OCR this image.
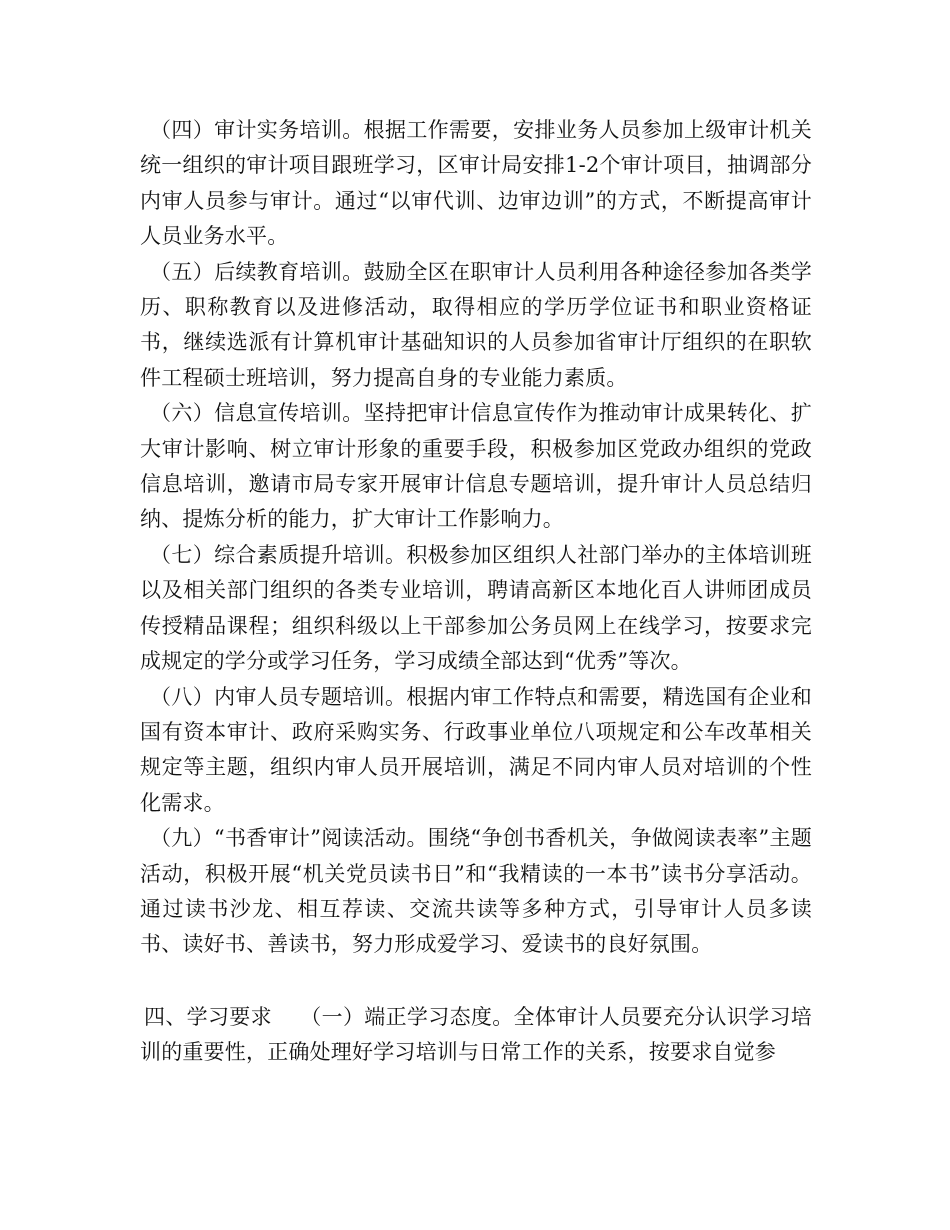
（四）审计实务培训。根据工作需要，安排业务人员参加上级审计机关统一组织的审计项目跟班学习，区审计局安排1-2个审计项目，抽调部分内审人员参与审计。通过“以审代训、边审边训”的方式，不断提高审计人员业务水平。

（五）后续教育培训。鼓励全区在职审计人员利用各种途径参加各类学历、职称教育以及进修活动，取得相应的学历学位证书和职业资格证书，继续选派有计算机审计基础知识的人员参加省审计厅组织的在职软件工程硕士班培训，努力提高自身的专业能力素质。

（六）信息宣传培训。坚持把审计信息宣传作为推动审计成果转化、扩大审计影响、树立审计形象的重要手段，积极参加区党政办组织的党政信息培训，邀请市局专家开展审计信息专题培训，提升审计人员总结归纳、提炼分析的能力，扩大审计工作影响力。

（七）综合素质提升培训。积极参加区组织人社部门举办的主体培训班以及相关部门组织的各类专业培训，聘请高新区本地化百人讲师团成员传授精品课程；组织科级以上干部参加公务员网上在线学习，按要求完成规定的学分或学习任务，学习成绩全部达到“优秀”等次。

（八）内审人员专题培训。根据内审工作特点和需要，精选国有企业和国有资本审计、政府采购实务、行政事业单位八项规定和公车改革相关规定等主题，组织内审人员开展培训，满足不同内审人员对培训的个性化需求。

（九）“书香审计”阅读活动。围绕“争创书香机关，争做阅读表率”主题活动，积极开展“机关党员读书日”和“我精读的一本书”读书分享活动。通过读书沙龙、相互荐读、交流共读等多种方式，引导审计人员多读书、读好书、善读书，努力形成爱学习、爱读书的良好氛围。

四、学习要求　 （一）端正学习态度。全体审计人员要充分认识学习培训的重要性，正确处理好学习培训与日常工作的关系，按要求自觉参
